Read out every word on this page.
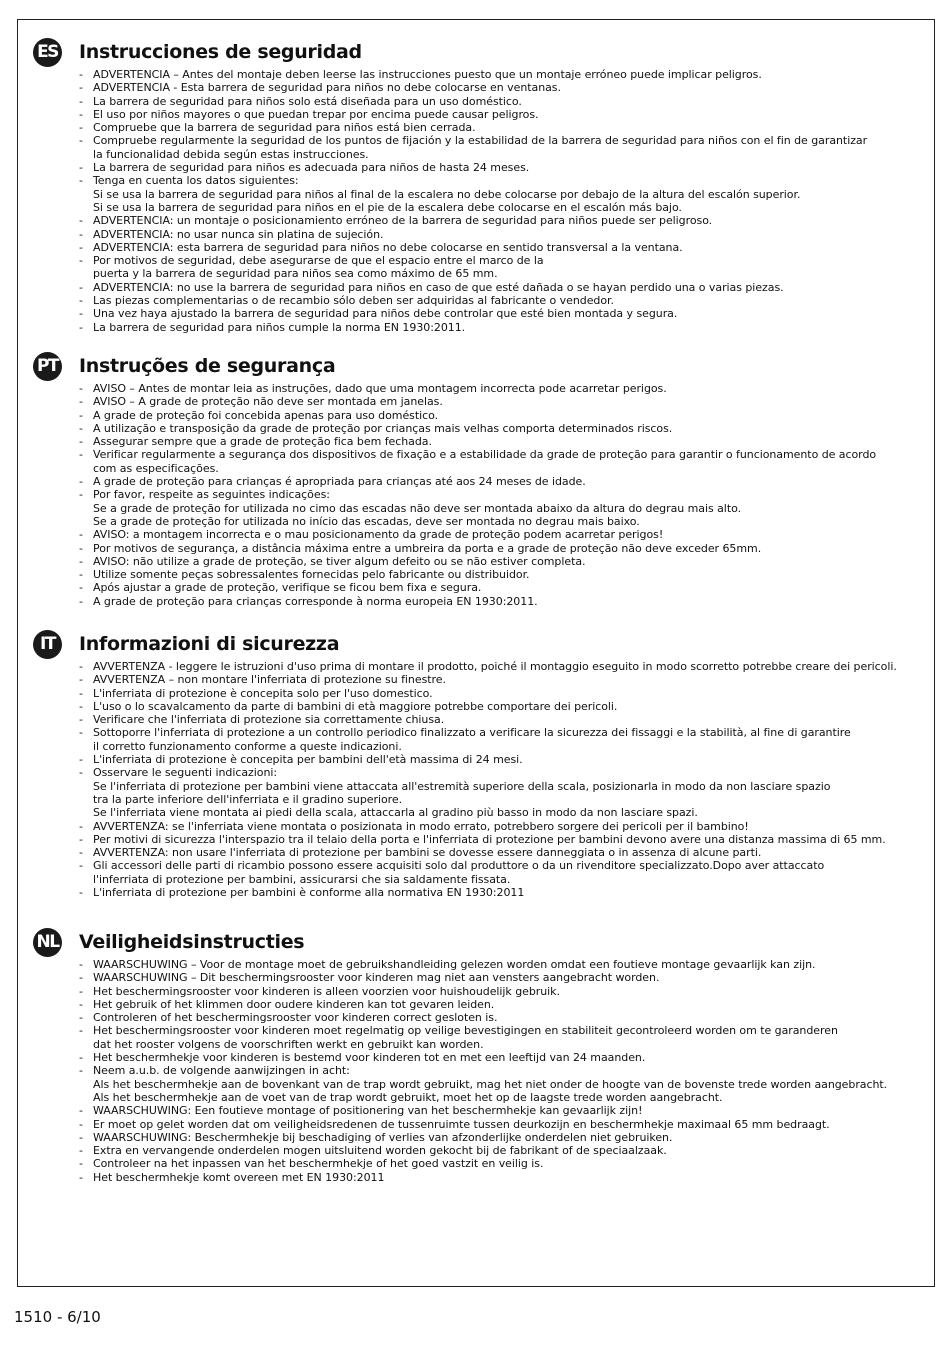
ES Instrucciones de seguridad
- ADVERTENCIA – Antes del montaje deben leerse las instrucciones puesto que un montaje erróneo puede implicar peligros.
- ADVERTENCIA - Esta barrera de seguridad para niños no debe colocarse en ventanas.
- La barrera de seguridad para niños solo está diseñada para un uso doméstico.
- El uso por niños mayores o que puedan trepar por encima puede causar peligros.
- Compruebe que la barrera de seguridad para niños está bien cerrada.
- Compruebe regularmente la seguridad de los puntos de fijación y la estabilidad de la barrera de seguridad para niños con el fin de garantizar
la funcionalidad debida según estas instrucciones.
- La barrera de seguridad para niños es adecuada para niños de hasta 24 meses.
- Tenga en cuenta los datos siguientes:
Si se usa la barrera de seguridad para niños al final de la escalera no debe colocarse por debajo de la altura del escalón superior.
Si se usa la barrera de seguridad para niños en el pie de la escalera debe colocarse en el escalón más bajo.
- ADVERTENCIA: un montaje o posicionamiento erróneo de la barrera de seguridad para niños puede ser peligroso.
- ADVERTENCIA: no usar nunca sin platina de sujeción.
- ADVERTENCIA: esta barrera de seguridad para niños no debe colocarse en sentido transversal a la ventana.
- Por motivos de seguridad, debe asegurarse de que el espacio entre el marco de la
puerta y la barrera de seguridad para niños sea como máximo de 65 mm.
- ADVERTENCIA: no use la barrera de seguridad para niños en caso de que esté dañada o se hayan perdido una o varias piezas.
- Las piezas complementarias o de recambio sólo deben ser adquiridas al fabricante o vendedor.
- Una vez haya ajustado la barrera de seguridad para niños debe controlar que esté bien montada y segura.
- La barrera de seguridad para niños cumple la norma EN 1930:2011.
PT Instruções de segurança
- AVISO – Antes de montar leia as instruções, dado que uma montagem incorrecta pode acarretar perigos.
- AVISO – A grade de proteção não deve ser montada em janelas.
- A grade de proteção foi concebida apenas para uso doméstico.
- A utilização e transposição da grade de proteção por crianças mais velhas comporta determinados riscos.
- Assegurar sempre que a grade de proteção fica bem fechada.
- Verificar regularmente a segurança dos dispositivos de fixação e a estabilidade da grade de proteção para garantir o funcionamento de acordo
com as especificações.
- A grade de proteção para crianças é apropriada para crianças até aos 24 meses de idade.
- Por favor, respeite as seguintes indicações:
Se a grade de proteção for utilizada no cimo das escadas não deve ser montada abaixo da altura do degrau mais alto.
Se a grade de proteção for utilizada no início das escadas, deve ser montada no degrau mais baixo.
- AVISO: a montagem incorrecta e o mau posicionamento da grade de proteção podem acarretar perigos!
- Por motivos de segurança, a distância máxima entre a umbreira da porta e a grade de proteção não deve exceder 65mm.
- AVISO: não utilize a grade de proteção, se tiver algum defeito ou se não estiver completa.
- Utilize somente peças sobressalentes fornecidas pelo fabricante ou distribuidor.
- Após ajustar a grade de proteção, verifique se ficou bem fixa e segura.
- A grade de proteção para crianças corresponde à norma europeia EN 1930:2011.
IT	Informazioni di sicurezza
- AVVERTENZA - leggere le istruzioni d'uso prima di montare il prodotto, poiché il montaggio eseguito in modo scorretto potrebbe creare dei pericoli.
- AVVERTENZA – non montare l'inferriata di protezione su finestre.
- L'inferriata di protezione è concepita solo per l'uso domestico.
- L'uso o lo scavalcamento da parte di bambini di età maggiore potrebbe comportare dei pericoli.
- Verificare che l'inferriata di protezione sia correttamente chiusa.
- Sottoporre l'inferriata di protezione a un controllo periodico finalizzato a verificare la sicurezza dei fissaggi e la stabilità, al fine di garantire
il corretto funzionamento conforme a queste indicazioni.
- L'inferriata di protezione è concepita per bambini dell'età massima di 24 mesi.
- Osservare le seguenti indicazioni:
Se l'inferriata di protezione per bambini viene attaccata all'estremità superiore della scala, posizionarla in modo da non lasciare spazio
tra la parte inferiore dell'inferriata e il gradino superiore.
Se l'inferriata viene montata ai piedi della scala, attaccarla al gradino più basso in modo da non lasciare spazi.
- AVVERTENZA: se l'inferriata viene montata o posizionata in modo errato, potrebbero sorgere dei pericoli per il bambino!
- Per motivi di sicurezza l'interspazio tra il telaio della porta e l'inferriata di protezione per bambini devono avere una distanza massima di 65 mm.
- AVVERTENZA: non usare l'inferriata di protezione per bambini se dovesse essere danneggiata o in assenza di alcune parti.
- Gli accessori delle parti di ricambio possono essere acquisiti solo dal produttore o da un rivenditore specializzato.Dopo aver attaccato
l'inferriata di protezione per bambini, assicurarsi che sia saldamente fissata.
- L'inferriata di protezione per bambini è conforme alla normativa EN 1930:2011
NL Veiligheidsinstructies
- WAARSCHUWING – Voor de montage moet de gebruikshandleiding gelezen worden omdat een foutieve montage gevaarlijk kan zijn.
- WAARSCHUWING – Dit beschermingsrooster voor kinderen mag niet aan vensters aangebracht worden.
- Het beschermingsrooster voor kinderen is alleen voorzien voor huishoudelijk gebruik.
- Het gebruik of het klimmen door oudere kinderen kan tot gevaren leiden.
- Controleren of het beschermingsrooster voor kinderen correct gesloten is.
- Het beschermingsrooster voor kinderen moet regelmatig op veilige bevestigingen en stabiliteit gecontroleerd worden om te garanderen
dat het rooster volgens de voorschriften werkt en gebruikt kan worden.
- Het beschermhekje voor kinderen is bestemd voor kinderen tot en met een leeftijd van 24 maanden.
- Neem a.u.b. de volgende aanwijzingen in acht:
Als het beschermhekje aan de bovenkant van de trap wordt gebruikt, mag het niet onder de hoogte van de bovenste trede worden aangebracht.
Als het beschermhekje aan de voet van de trap wordt gebruikt, moet het op de laagste trede worden aangebracht.
- WAARSCHUWING: Een foutieve montage of positionering van het beschermhekje kan gevaarlijk zijn!
- Er moet op gelet worden dat om veiligheidsredenen de tussenruimte tussen deurkozijn en beschermhekje maximaal 65 mm bedraagt.
- WAARSCHUWING: Beschermhekje bij beschadiging of verlies van afzonderlijke onderdelen niet gebruiken.
- Extra en vervangende onderdelen mogen uitsluitend worden gekocht bij de fabrikant of de speciaalzaak.
- Controleer na het inpassen van het beschermhekje of het goed vastzit en veilig is.
- Het beschermhekje komt overeen met EN 1930:2011

1510 - 6/10
